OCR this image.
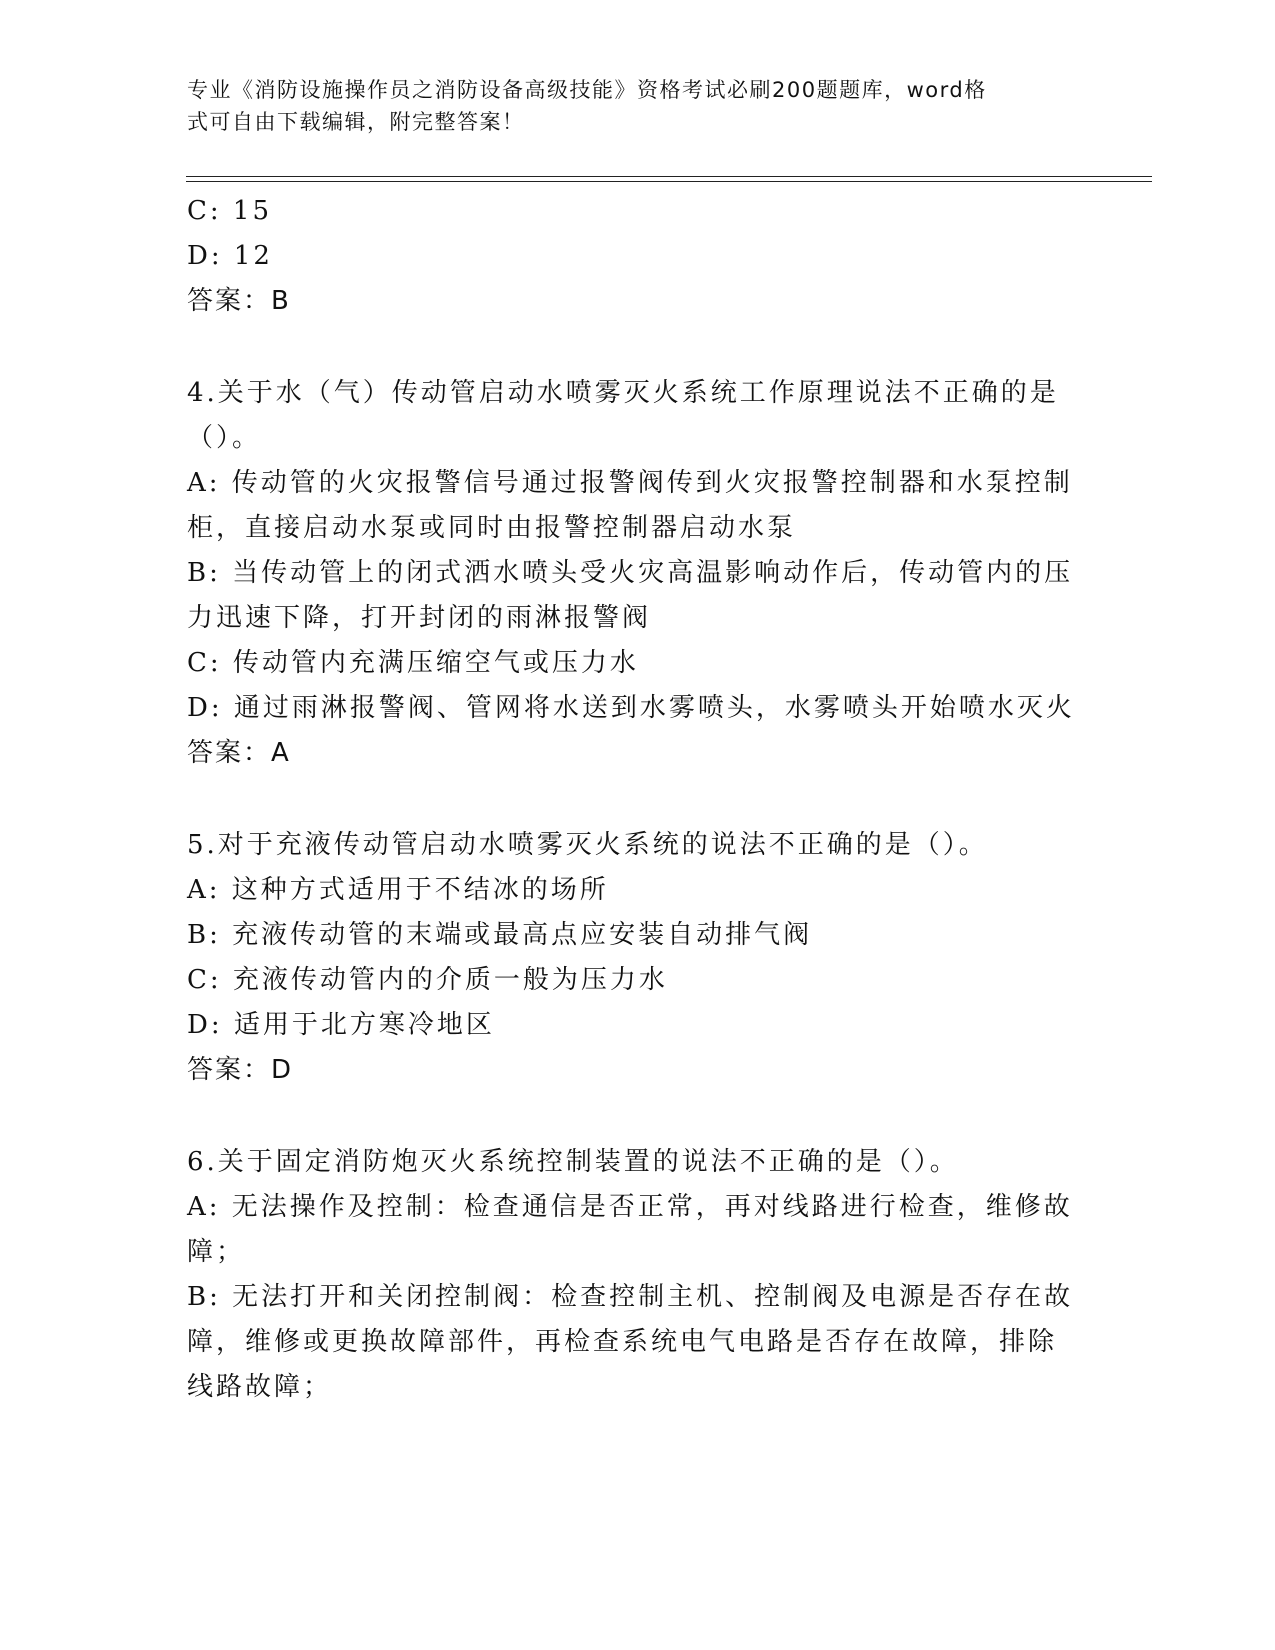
专业《消防设施操作员之消防设备高级技能》资格考试必刷200题题库，word格
式可自由下载编辑，附完整答案！
C: 15
D: 12
答案：B
4.关于水（气）传动管启动水喷雾灭火系统工作原理说法不正确的是
（）。
A: 传动管的火灾报警信号通过报警阀传到火灾报警控制器和水泵控制
柜，直接启动水泵或同时由报警控制器启动水泵
B: 当传动管上的闭式洒水喷头受火灾高温影响动作后，传动管内的压
力迅速下降，打开封闭的雨淋报警阀
C: 传动管内充满压缩空气或压力水
D: 通过雨淋报警阀、管网将水送到水雾喷头，水雾喷头开始喷水灭火
答案：A
5.对于充液传动管启动水喷雾灭火系统的说法不正确的是（）。
A: 这种方式适用于不结冰的场所
B: 充液传动管的末端或最高点应安装自动排气阀
C: 充液传动管内的介质一般为压力水
D: 适用于北方寒冷地区
答案：D
6.关于固定消防炮灭火系统控制装置的说法不正确的是（）。
A: 无法操作及控制：检查通信是否正常，再对线路进行检查，维修故
障；
B: 无法打开和关闭控制阀：检查控制主机、控制阀及电源是否存在故
障，维修或更换故障部件，再检查系统电气电路是否存在故障，排除
线路故障；
